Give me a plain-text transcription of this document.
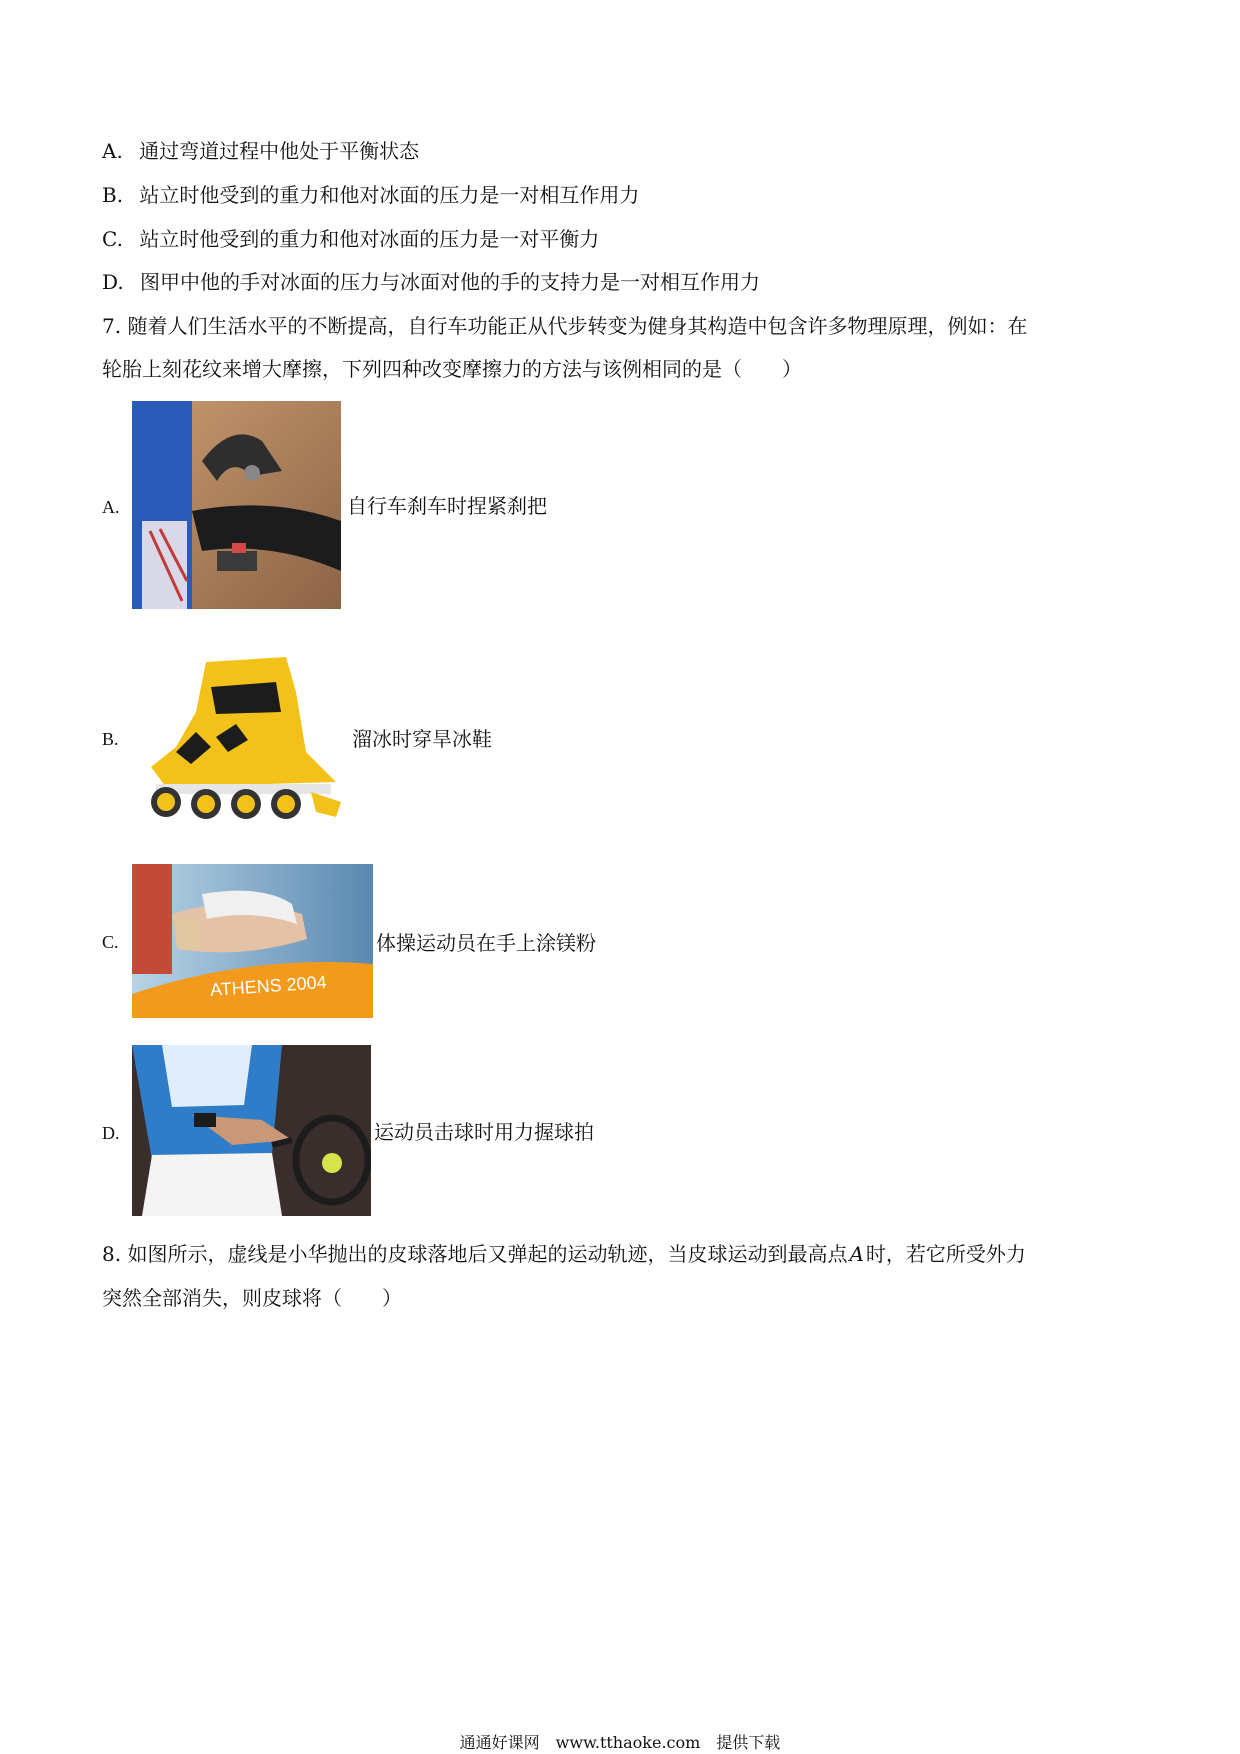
A. 通过弯道过程中他处于平衡状态
B. 站立时他受到的重力和他对冰面的压力是一对相互作用力
C. 站立时他受到的重力和他对冰面的压力是一对平衡力
D. 图甲中他的手对冰面的压力与冰面对他的手的支持力是一对相互作用力
7. 随着人们生活水平的不断提高，自行车功能正从代步转变为健身其构造中包含许多物理原理，例如：在
轮胎上刻花纹来增大摩擦，下列四种改变摩擦力的方法与该例相同的是（　　）
A.	自行车刹车时捏紧刹把
B.	溜冰时穿旱冰鞋
C.
ATHENS 2004
体操运动员在手上涂镁粉
D.	运动员击球时用力握球拍
8. 如图所示，虚线是小华抛出的皮球落地后又弹起的运动轨迹，当皮球运动到最高点 A 时，若它所受外力
突然全部消失，则皮球将（　　）
通通好课网　www.tthaoke.com　提供下载
